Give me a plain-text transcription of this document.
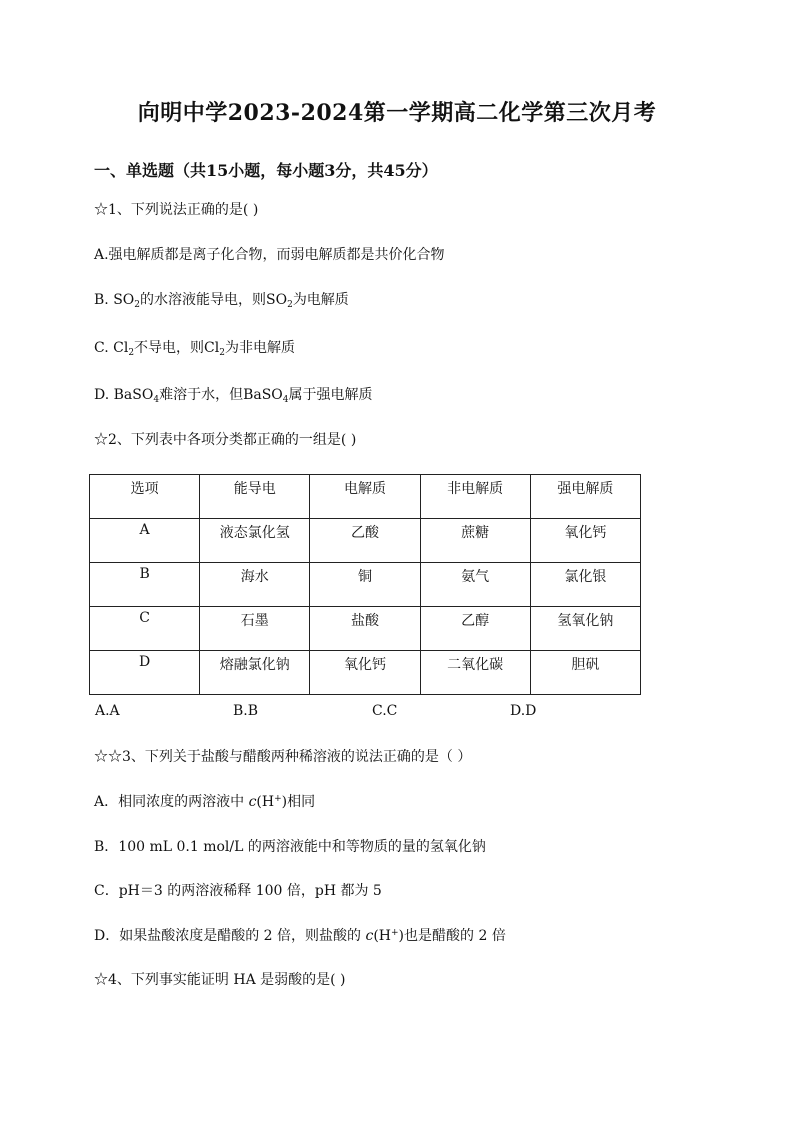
向明中学2023-2024第一学期高二化学第三次月考
一、单选题（共15小题，每小题3分，共45分）
☆1、下列说法正确的是( )
A.强电解质都是离子化合物，而弱电解质都是共价化合物
B. $SO_2$的水溶液能导电，则$SO_2$为电解质
C. $Cl_2$不导电，则$Cl_2$为非电解质
D. BaSO$_4$难溶于水，但BaSO$_4$属于强电解质
☆2、下列表中各项分类都正确的一组是( )
选项	能导电	电解质	非电解质	强电解质
A	液态氯化氢	乙酸	蔗糖	氧化钙
B	海水	铜	氨气	氯化银
C	石墨	盐酸	乙醇	氢氧化钠
D	熔融氯化钠	氧化钙	二氧化碳	胆矾
A.A	B.B	C.C	D.D
☆☆3、下列关于盐酸与醋酸两种稀溶液的说法正确的是（ ）
A．相同浓度的两溶液中 c(H+)相同
B．100 mL 0.1 mol/L 的两溶液能中和等物质的量的氢氧化钠
C．pH＝3 的两溶液稀释 100 倍，pH 都为 5
D．如果盐酸浓度是醋酸的 2 倍，则盐酸的 c(H+)也是醋酸的 2 倍
☆4、下列事实能证明 HA 是弱酸的是( )
